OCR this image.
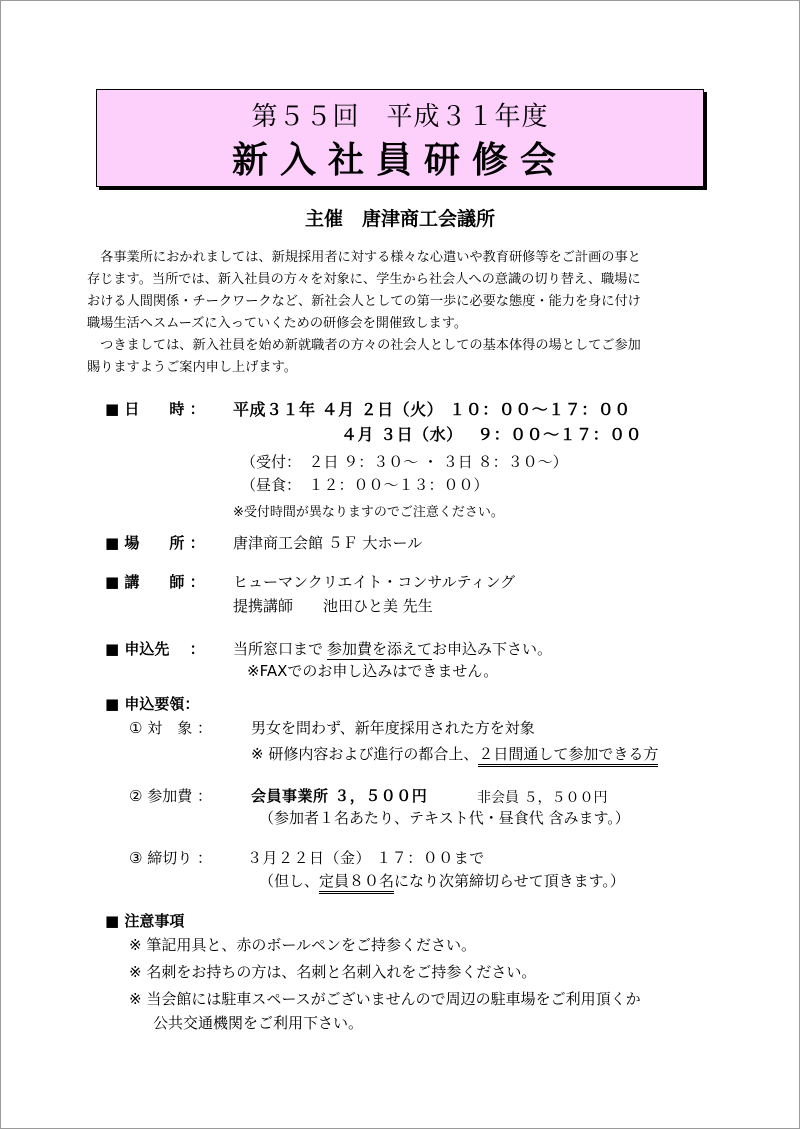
第５５回　平成３１年度
新入社員研修会
主催　唐津商工会議所
　各事業所におかれましては、新規採用者に対する様々な心遣いや教育研修等をご計画の事と
存じます。当所では、新入社員の方々を対象に、学生から社会人への意識の切り替え、職場に
おける人間関係・チークワークなど、新社会人としての第一歩に必要な態度・能力を身に付け
職場生活へスムーズに入っていくための研修会を開催致します。
　つきましては、新入社員を始め新就職者の方々の社会人としての基本体得の場としてご参加
賜りますようご案内申し上げます。
■ 日　　時 ： 平成３１年 ４月 ２日（火） １０：００～１７：００
４月 ３日（水）　 ９：００～１７：００
（受付：　２日 ９：３０～ ・ ３日 ８：３０～）
（昼食：　１２：００～１３：００）
※受付時間が異なりますのでご注意ください。
■ 場　　所 ： 唐津商工会館 ５Ｆ 大ホール
■ 講　　師 ： ヒューマンクリエイト・コンサルティング
提携講師　　池田ひと美 先生
■ 申込先　 ： 当所窓口まで 参加費を添えてお申込み下さい。
※FAXでのお申し込みはできません。
■ 申込要領：
① 対　象 ：	男女を問わず、新年度採用された方を対象
※ 研修内容および進行の都合上、２日間通して参加できる方
② 参加費 ：	会員事業所 ３，５００円	非会員 ５，５００円
（参加者１名あたり、テキスト代・昼食代 含みます。）
③ 締切り ： ３月２２日（金） １７：００まで
（但し、定員８０名になり次第締切らせて頂きます。）
■ 注意事項
※ 筆記用具と、赤のボールペンをご持参ください。
※ 名刺をお持ちの方は、名刺と名刺入れをご持参ください。
※ 当会館には駐車スペースがございませんので周辺の駐車場をご利用頂くか
公共交通機関をご利用下さい。
